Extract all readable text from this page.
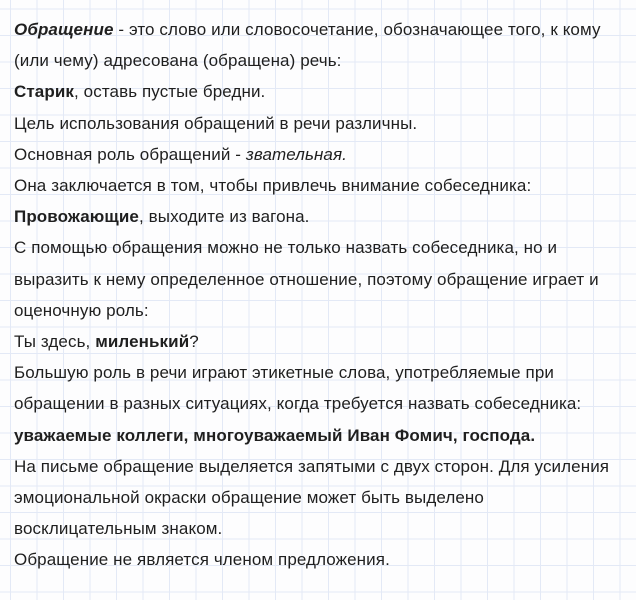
Обращение - это слово или словосочетание, обозначающее того, к кому
(или чему) адресована (обращена) речь:
Старик, оставь пустые бредни.
Цель использования обращений в речи различны.
Основная роль обращений - звательная.
Она заключается в том, чтобы привлечь внимание собеседника:
Провожающие, выходите из вагона.
С помощью обращения можно не только назвать собеседника, но и
выразить к нему определенное отношение, поэтому обращение играет и
оценочную роль:
Ты здесь, миленький?
Большую роль в речи играют этикетные слова, употребляемые при
обращении в разных ситуациях, когда требуется назвать собеседника:
уважаемые коллеги, многоуважаемый Иван Фомич, господа.
На письме обращение выделяется запятыми с двух сторон. Для усиления
эмоциональной окраски обращение может быть выделено
восклицательным знаком.
Обращение не является членом предложения.
